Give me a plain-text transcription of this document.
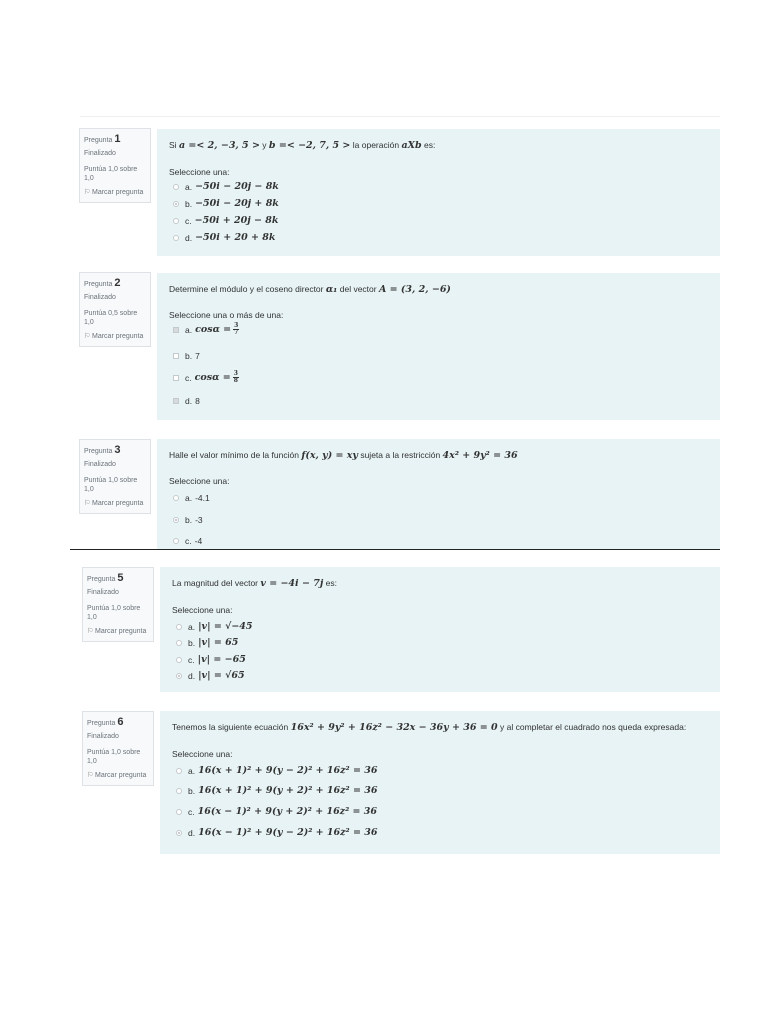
Pregunta 1
Finalizado
Puntúa 1,0 sobre 1,0
⚐ Marcar pregunta
Si a =< 2, −3, 5 > y b =< −2, 7, 5 > la operación aXb es:
Seleccione una:
a. −50i − 20j − 8k
b. −50i − 20j + 8k
c. −50i + 20j − 8k
d. −50i + 20 + 8k
Pregunta 2
Finalizado
Puntúa 0,5 sobre 1,0
⚐ Marcar pregunta
Determine el módulo y el coseno director α₁ del vector A = (3, 2, −6)
Seleccione una o más de una:
a. $\cos\alpha = \frac{3}{7}$
b. 7
c. $\cos\alpha = \frac{3}{8}$
d. 8
Pregunta 3
Finalizado
Puntúa 1,0 sobre 1,0
⚐ Marcar pregunta
Halle el valor mínimo de la función f(x, y) = xy sujeta a la restricción 4x² + 9y² = 36
Seleccione una:
a. -4.1
b. -3
c. -4
Pregunta 5
Finalizado
Puntúa 1,0 sobre 1,0
⚐ Marcar pregunta
La magnitud del vector v = −4i − 7j es:
Seleccione una:
a. |v| = √−45
b. |v| = 65
c. |v| = −65
d. |v| = √65
Pregunta 6
Finalizado
Puntúa 1,0 sobre 1,0
⚐ Marcar pregunta
Tenemos la siguiente ecuación 16x² + 9y² + 16z² − 32x − 36y + 36 = 0 y al completar el cuadrado nos queda expresada:
Seleccione una:
a. 16(x + 1)² + 9(y − 2)² + 16z² = 36
b. 16(x + 1)² + 9(y + 2)² + 16z² = 36
c. 16(x − 1)² + 9(y + 2)² + 16z² = 36
d. 16(x − 1)² + 9(y − 2)² + 16z² = 36
